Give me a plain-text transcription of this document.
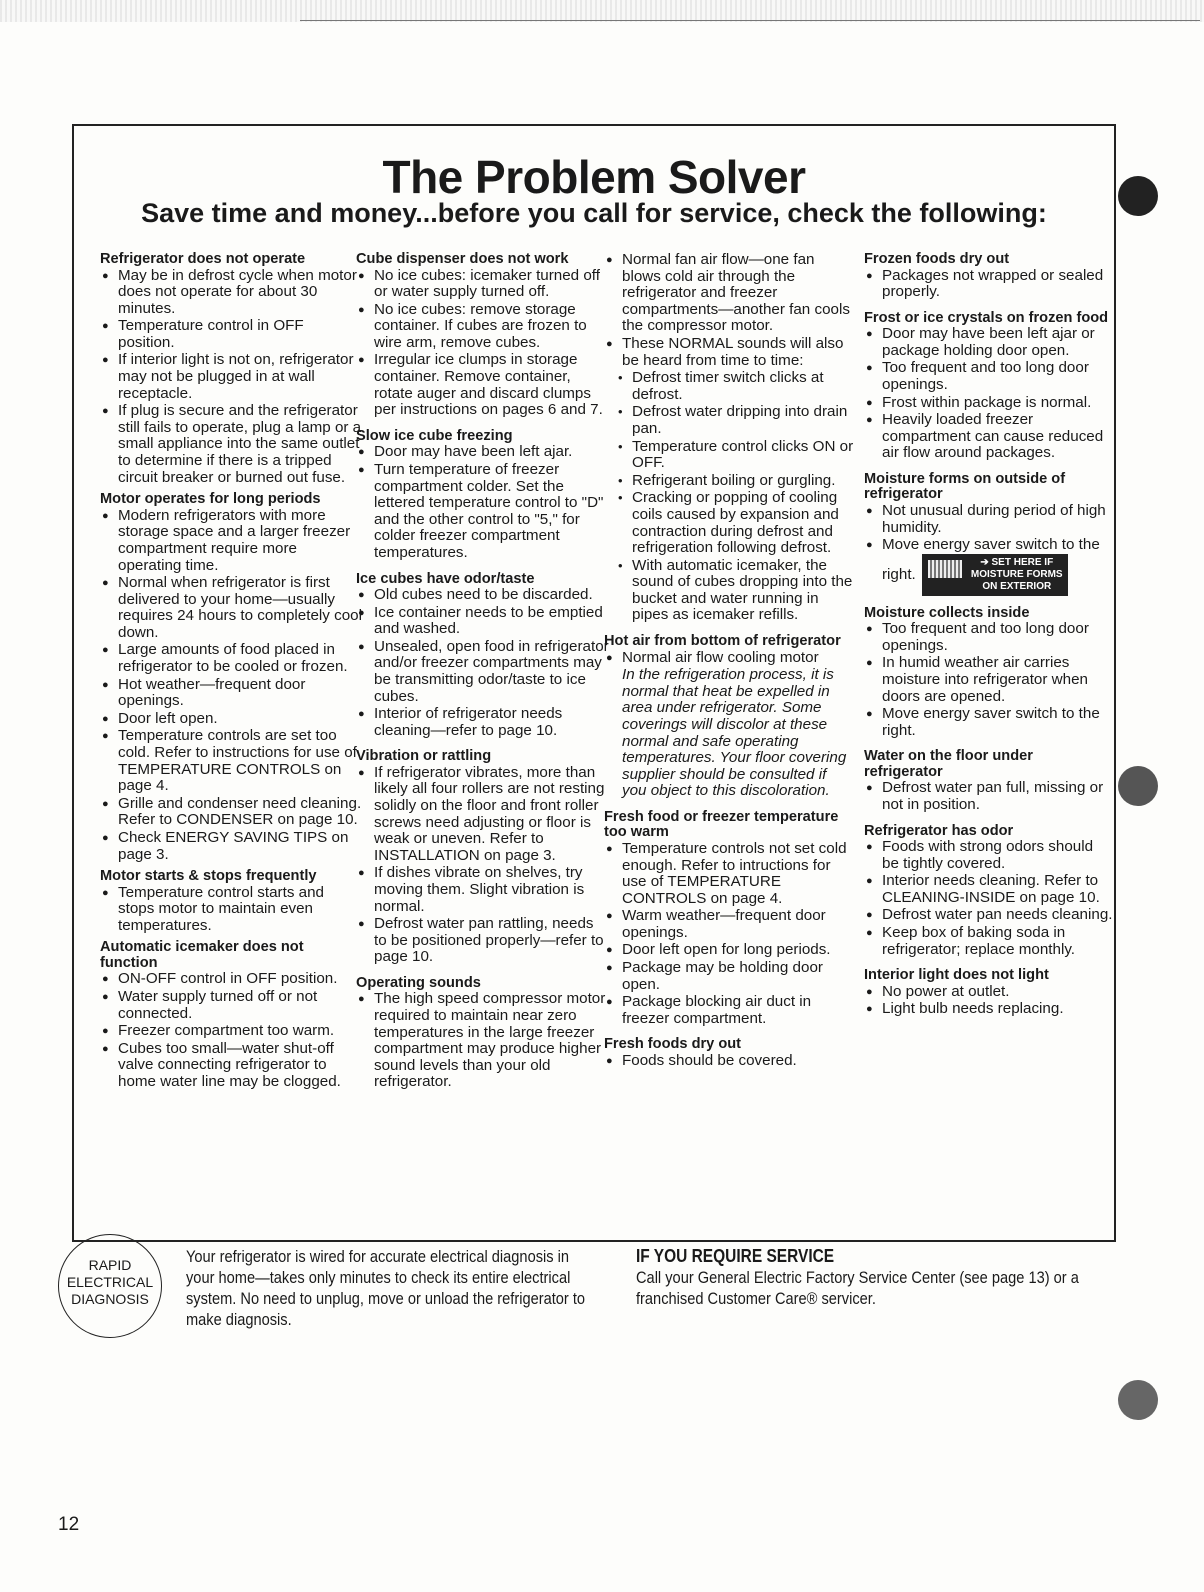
The Problem Solver
Save time and money...before you call for service, check the following:
Refrigerator does not operate
● May be in defrost cycle when motor does not operate for about 30 minutes.
● Temperature control in OFF position.
● If interior light is not on, refrigerator may not be plugged in at wall receptacle.
● If plug is secure and the refrigerator still fails to operate, plug a lamp or a small appliance into the same outlet to determine if there is a tripped circuit breaker or burned out fuse.
Motor operates for long periods
● Modern refrigerators with more storage space and a larger freezer compartment require more operating time.
● Normal when refrigerator is first delivered to your home—usually requires 24 hours to completely cool down.
● Large amounts of food placed in refrigerator to be cooled or frozen.
● Hot weather—frequent door openings.
● Door left open.
● Temperature controls are set too cold. Refer to instructions for use of TEMPERATURE CONTROLS on page 4.
● Grille and condenser need cleaning. Refer to CONDENSER on page 10.
● Check ENERGY SAVING TIPS on page 3.
Motor starts & stops frequently
● Temperature control starts and stops motor to maintain even temperatures.
Automatic icemaker does not function
● ON-OFF control in OFF position.
● Water supply turned off or not connected.
● Freezer compartment too warm.
● Cubes too small—water shut-off valve connecting refrigerator to home water line may be clogged.
Cube dispenser does not work
● No ice cubes: icemaker turned off or water supply turned off.
● No ice cubes: remove storage container. If cubes are frozen to wire arm, remove cubes.
● Irregular ice clumps in storage container. Remove container, rotate auger and discard clumps per instructions on pages 6 and 7.
Slow ice cube freezing
● Door may have been left ajar.
● Turn temperature of freezer compartment colder. Set the lettered temperature control to "D" and the other control to "5," for colder freezer compartment temperatures.
Ice cubes have odor/taste
● Old cubes need to be discarded.
● Ice container needs to be emptied and washed.
● Unsealed, open food in refrigerator and/or freezer compartments may be transmitting odor/taste to ice cubes.
● Interior of refrigerator needs cleaning—refer to page 10.
Vibration or rattling
● If refrigerator vibrates, more than likely all four rollers are not resting solidly on the floor and front roller screws need adjusting or floor is weak or uneven. Refer to INSTALLATION on page 3.
● If dishes vibrate on shelves, try moving them. Slight vibration is normal.
● Defrost water pan rattling, needs to be positioned properly—refer to page 10.
Operating sounds
● The high speed compressor motor required to maintain near zero temperatures in the large freezer compartment may produce higher sound levels than your old refrigerator.
● Normal fan air flow—one fan blows cold air through the refrigerator and freezer compartments—another fan cools the compressor motor.
● These NORMAL sounds will also be heard from time to time:
• Defrost timer switch clicks at defrost.
• Defrost water dripping into drain pan.
• Temperature control clicks ON or OFF.
• Refrigerant boiling or gurgling.
• Cracking or popping of cooling coils caused by expansion and contraction during defrost and refrigeration following defrost.
• With automatic icemaker, the sound of cubes dropping into the bucket and water running in pipes as icemaker refills.
Hot air from bottom of refrigerator
● Normal air flow cooling motor
In the refrigeration process, it is normal that heat be expelled in area under refrigerator. Some coverings will discolor at these normal and safe operating temperatures. Your floor covering supplier should be consulted if you object to this discoloration.
Fresh food or freezer temperature too warm
● Temperature controls not set cold enough. Refer to intructions for use of TEMPERATURE CONTROLS on page 4.
● Warm weather—frequent door openings.
● Door left open for long periods.
● Package may be holding door open.
● Package blocking air duct in freezer compartment.
Fresh foods dry out
● Foods should be covered.
Frozen foods dry out
● Packages not wrapped or sealed properly.
Frost or ice crystals on frozen food
● Door may have been left ajar or package holding door open.
● Too frequent and too long door openings.
● Frost within package is normal.
● Heavily loaded freezer compartment can cause reduced air flow around packages.
Moisture forms on outside of refrigerator
● Not unusual during period of high humidity.
● Move energy saver switch to the right.
➔ SET HERE IF MOISTURE FORMS ON EXTERIOR
Moisture collects inside
● Too frequent and too long door openings.
● In humid weather air carries moisture into refrigerator when doors are opened.
● Move energy saver switch to the right.
Water on the floor under refrigerator
● Defrost water pan full, missing or not in position.
Refrigerator has odor
● Foods with strong odors should be tightly covered.
● Interior needs cleaning. Refer to CLEANING-INSIDE on page 10.
● Defrost water pan needs cleaning.
● Keep box of baking soda in refrigerator; replace monthly.
Interior light does not light
● No power at outlet.
● Light bulb needs replacing.
RAPID
ELECTRICAL
DIAGNOSIS
Your refrigerator is wired for accurate electrical diagnosis in your home—takes only minutes to check its entire electrical system. No need to unplug, move or unload the refrigerator to make diagnosis.
IF YOU REQUIRE SERVICE
Call your General Electric Factory Service Center (see page 13) or a franchised Customer Care® servicer.
12
